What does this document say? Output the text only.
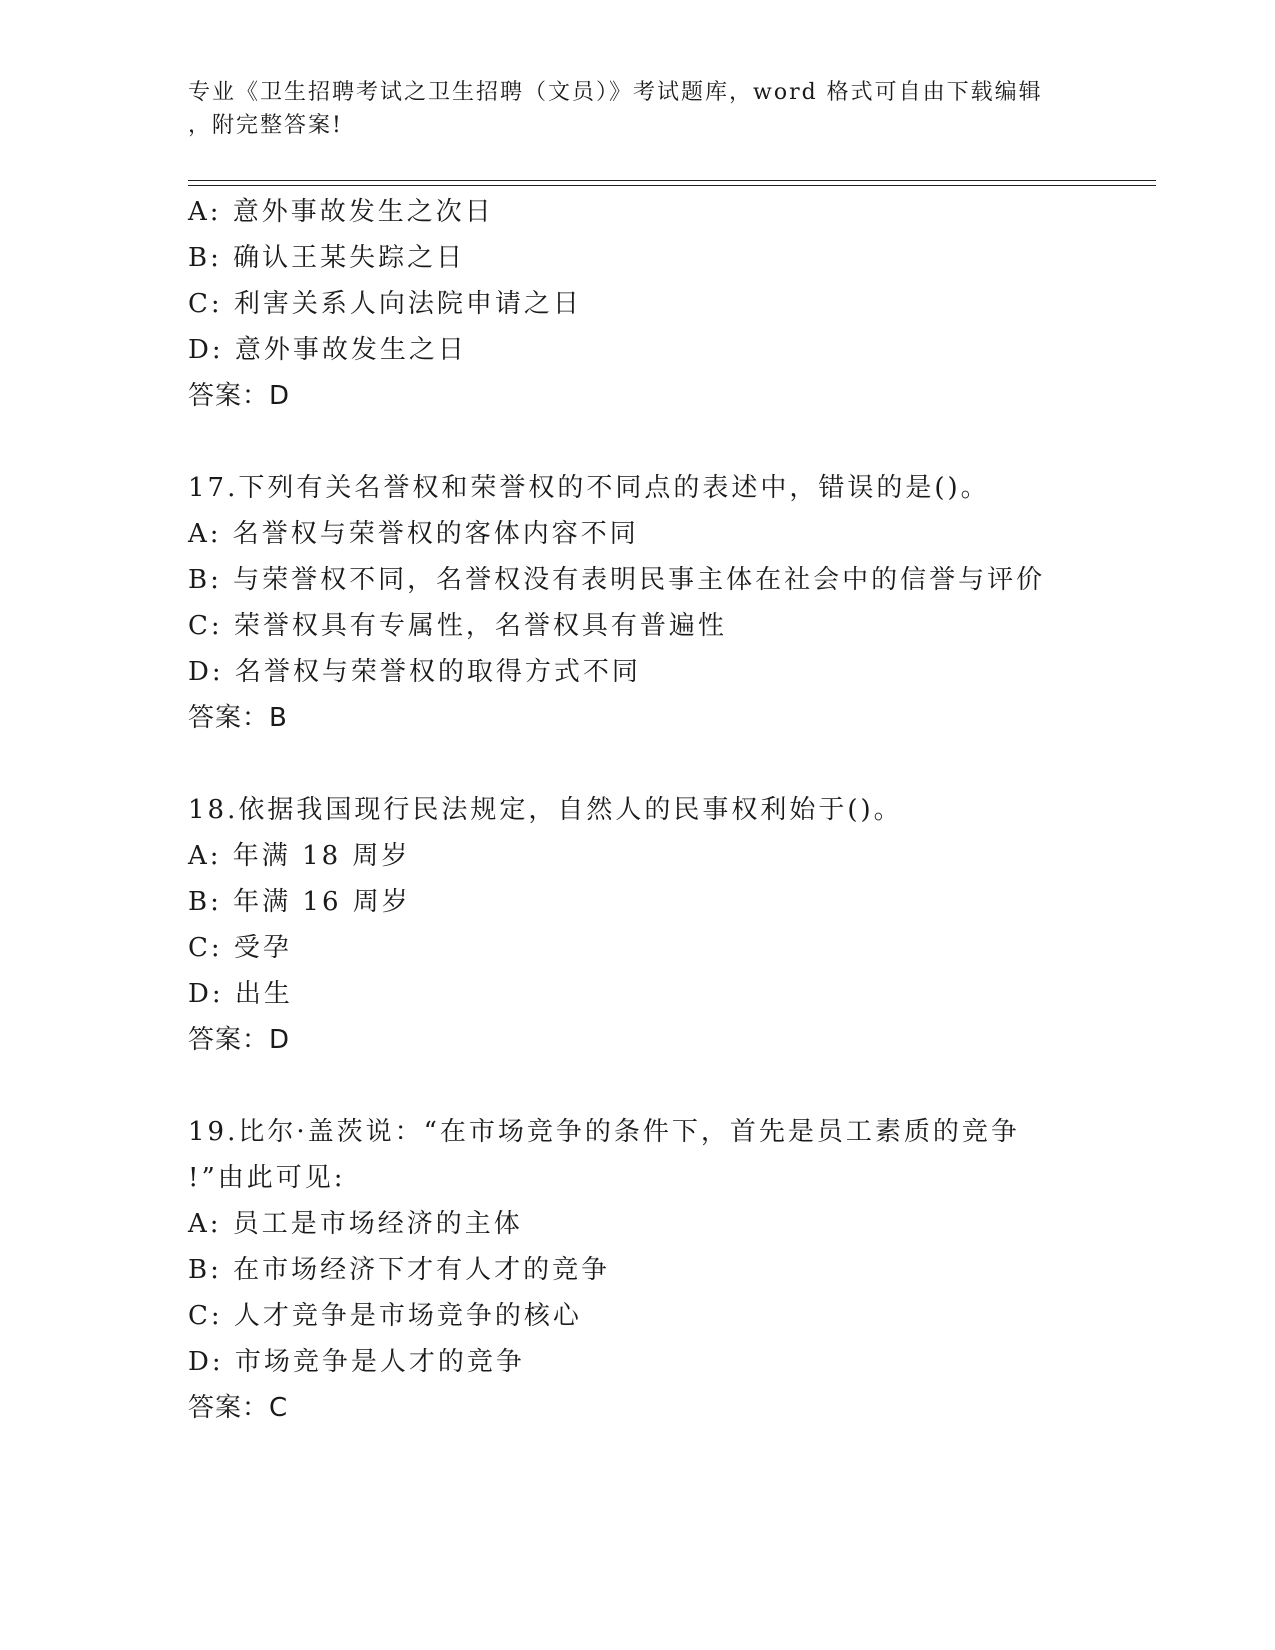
专业《卫生招聘考试之卫生招聘（文员）》考试题库，word 格式可自由下载编辑
，附完整答案!
A: 意外事故发生之次日
B: 确认王某失踪之日
C: 利害关系人向法院申请之日
D: 意外事故发生之日
答案：D
17.下列有关名誉权和荣誉权的不同点的表述中，错误的是()。
A: 名誉权与荣誉权的客体内容不同
B: 与荣誉权不同，名誉权没有表明民事主体在社会中的信誉与评价
C: 荣誉权具有专属性，名誉权具有普遍性
D: 名誉权与荣誉权的取得方式不同
答案：B
18.依据我国现行民法规定，自然人的民事权利始于()。
A: 年满 18 周岁
B: 年满 16 周岁
C: 受孕
D: 出生
答案：D
19.比尔·盖茨说：“在市场竞争的条件下，首先是员工素质的竞争
!”由此可见:
A: 员工是市场经济的主体
B: 在市场经济下才有人才的竞争
C: 人才竞争是市场竞争的核心
D: 市场竞争是人才的竞争
答案：C
